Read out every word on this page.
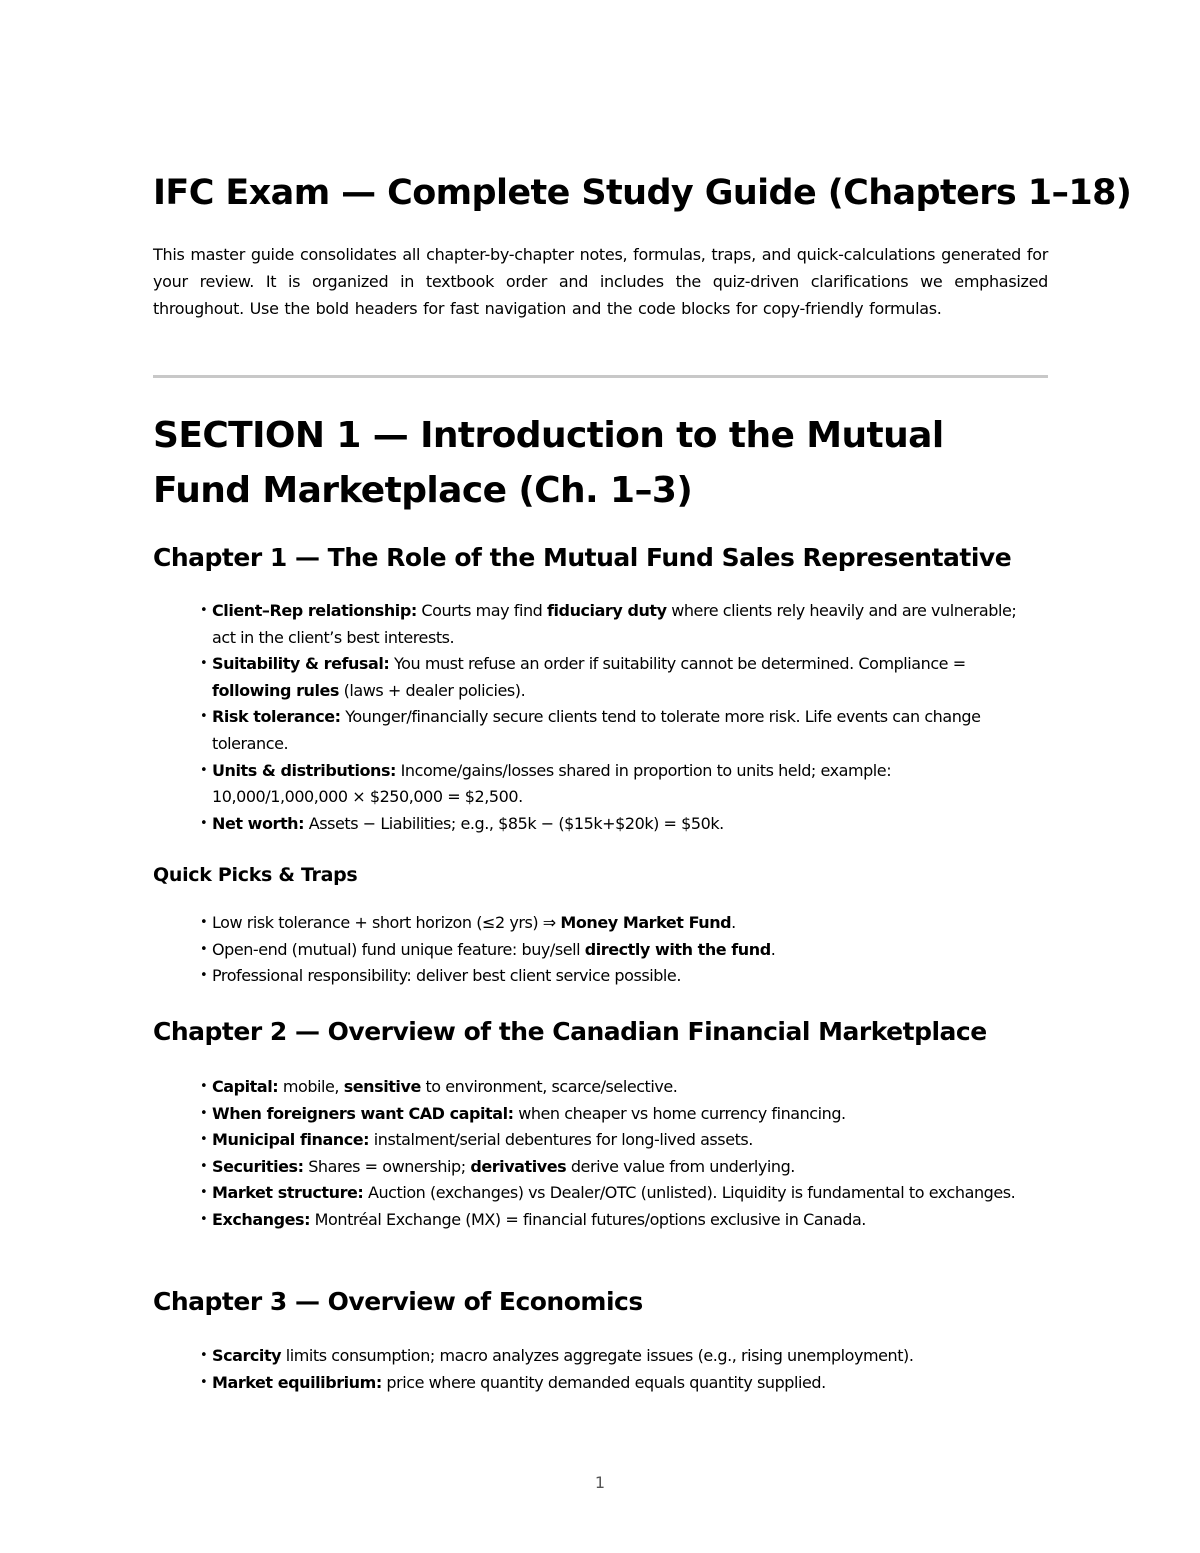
IFC Exam — Complete Study Guide (Chapters 1–18)

This master guide consolidates all chapter-by-chapter notes, formulas, traps, and quick-calculations generated for your review. It is organized in textbook order and includes the quiz-driven clarifications we emphasized throughout. Use the bold headers for fast navigation and the code blocks for copy-friendly formulas.

SECTION 1 — Introduction to the Mutual Fund Marketplace (Ch. 1–3)
Chapter 1 — The Role of the Mutual Fund Sales Representative
• Client–Rep relationship: Courts may find fiduciary duty where clients rely heavily and are vulnerable; act in the client’s best interests.
• Suitability & refusal: You must refuse an order if suitability cannot be determined. Compliance = following rules (laws + dealer policies).
• Risk tolerance: Younger/financially secure clients tend to tolerate more risk. Life events can change tolerance.
• Units & distributions: Income/gains/losses shared in proportion to units held; example: 10,000/1,000,000 × $250,000 = $2,500.
• Net worth: Assets − Liabilities; e.g., $85k − ($15k+$20k) = $50k.
Quick Picks & Traps
• Low risk tolerance + short horizon (≤2 yrs) ⇒ Money Market Fund.
• Open-end (mutual) fund unique feature: buy/sell directly with the fund.
• Professional responsibility: deliver best client service possible.
Chapter 2 — Overview of the Canadian Financial Marketplace
• Capital: mobile, sensitive to environment, scarce/selective.
• When foreigners want CAD capital: when cheaper vs home currency financing.
• Municipal finance: instalment/serial debentures for long-lived assets.
• Securities: Shares = ownership; derivatives derive value from underlying.
• Market structure: Auction (exchanges) vs Dealer/OTC (unlisted). Liquidity is fundamental to exchanges.
• Exchanges: Montréal Exchange (MX) = financial futures/options exclusive in Canada.
Chapter 3 — Overview of Economics
• Scarcity limits consumption; macro analyzes aggregate issues (e.g., rising unemployment).
• Market equilibrium: price where quantity demanded equals quantity supplied.
1
